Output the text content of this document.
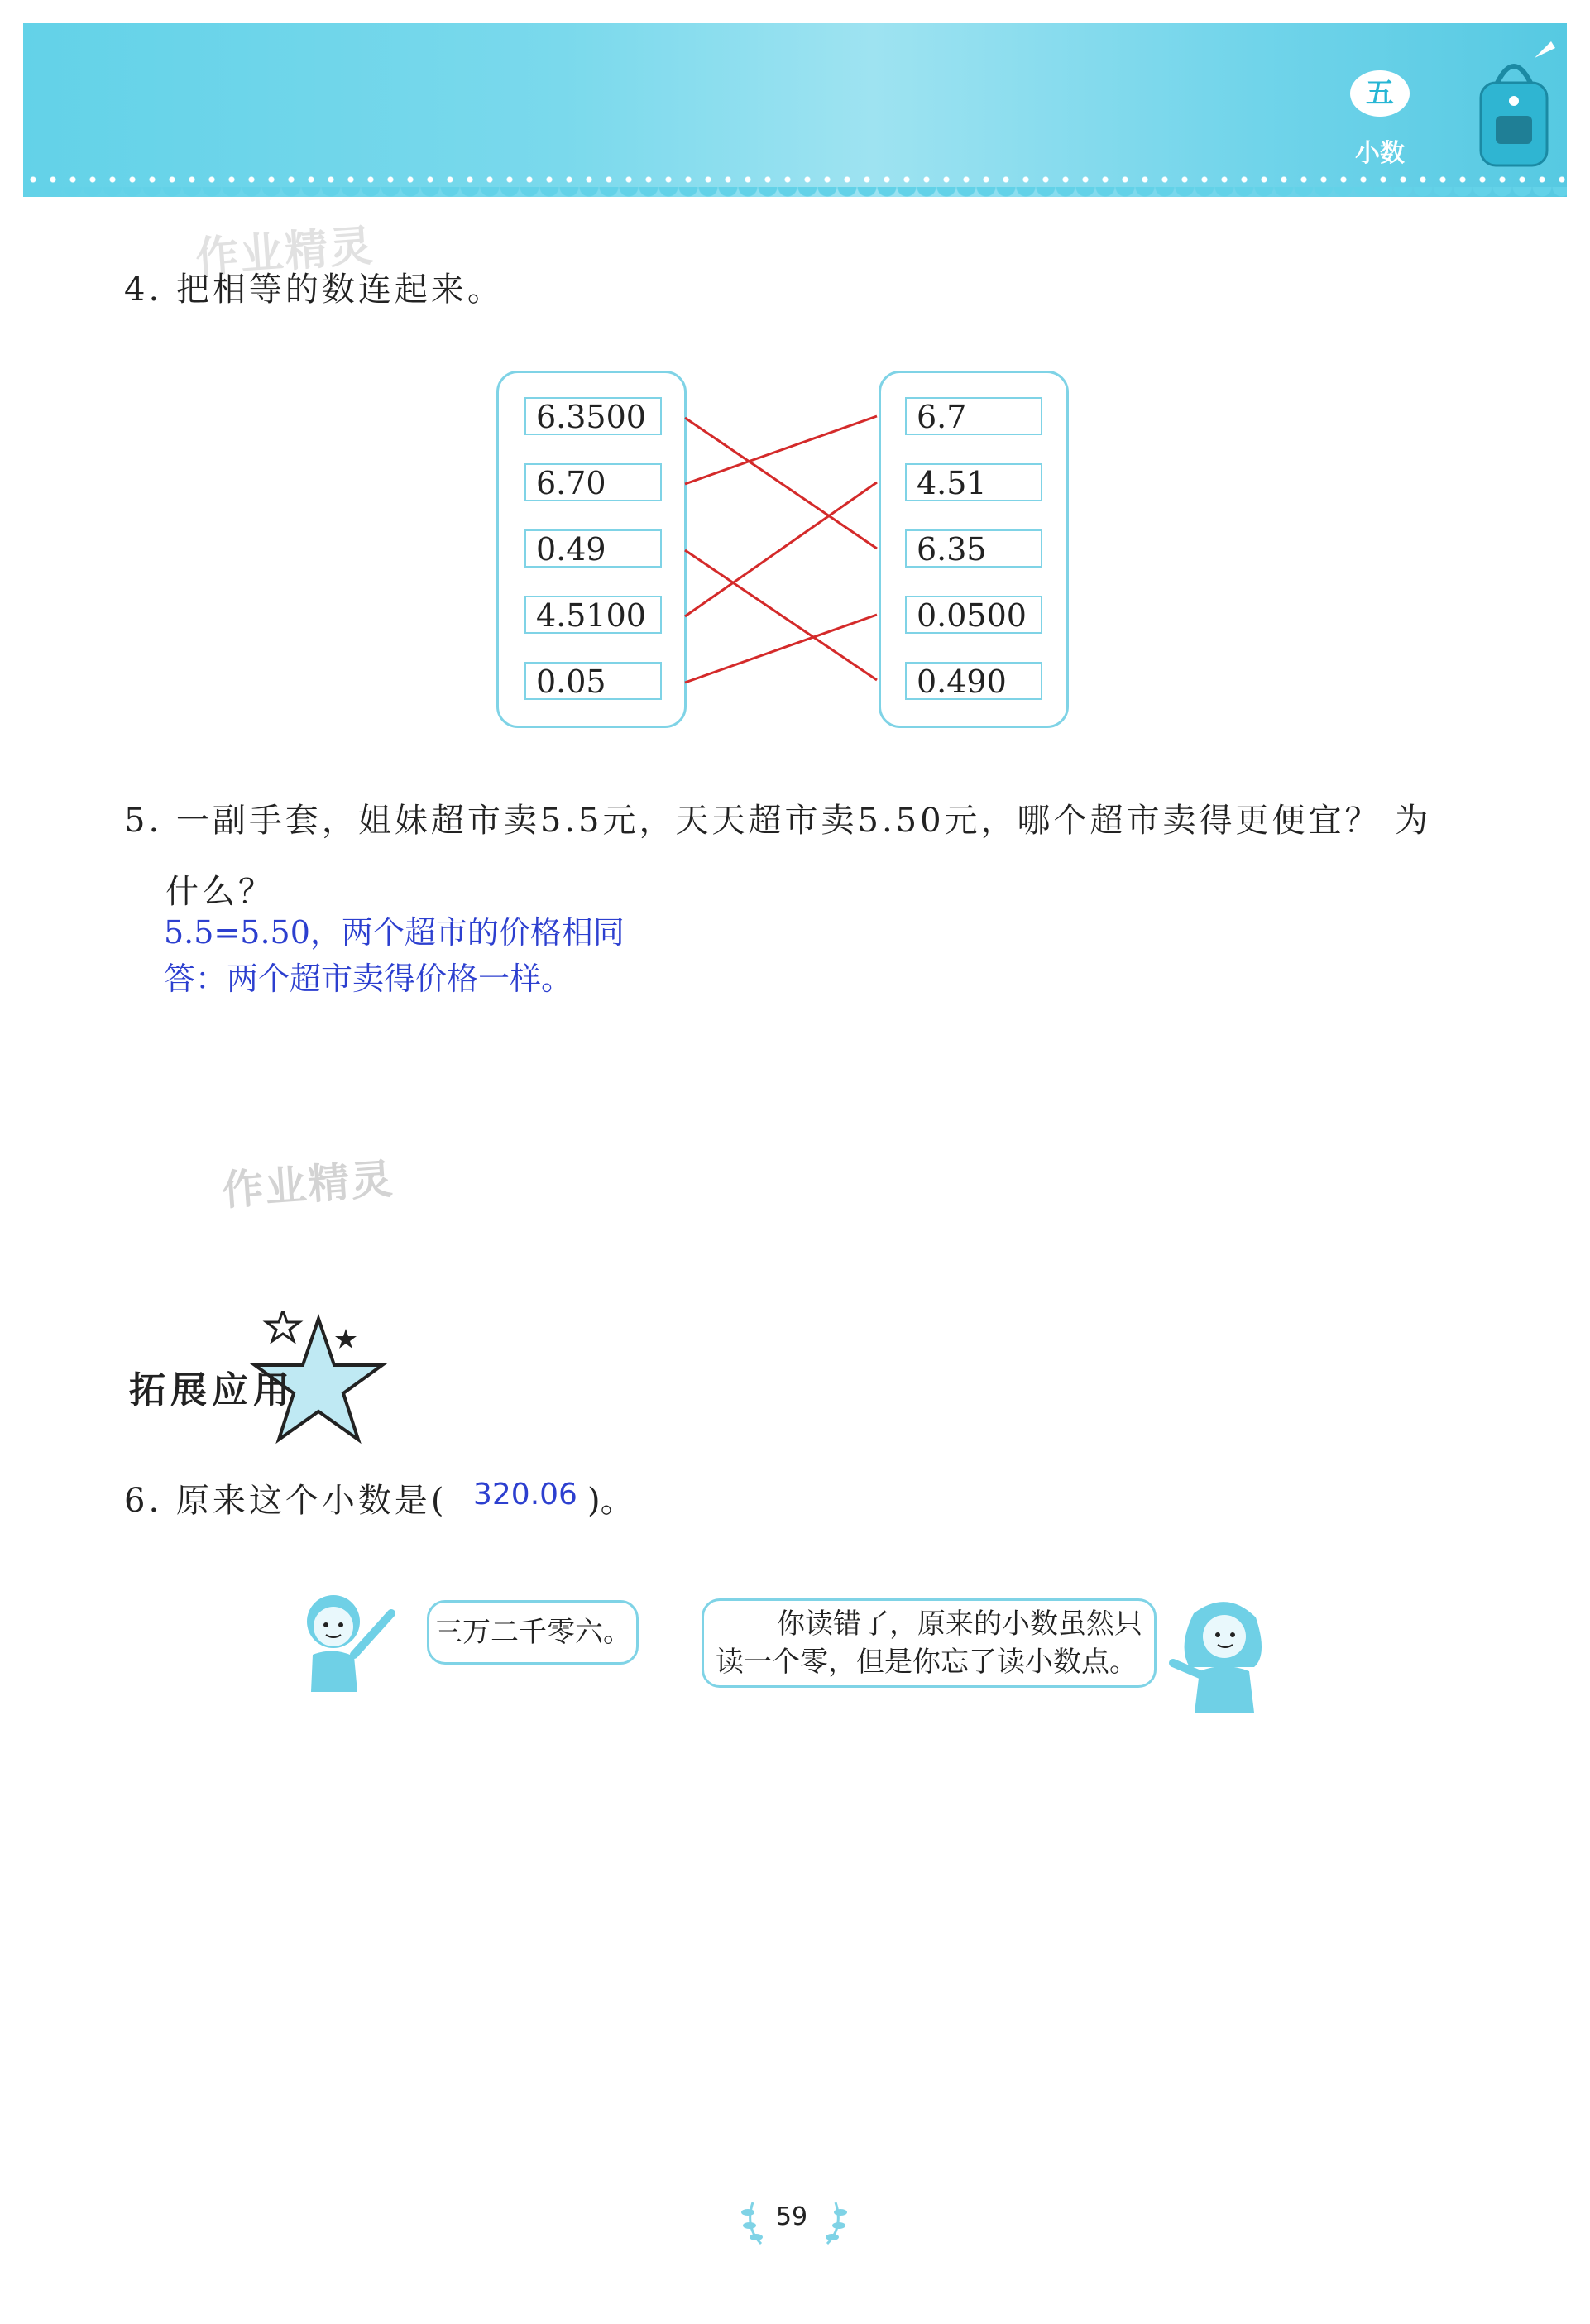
五
小数
作业精灵
4. 把相等的数连起来。
6.3500
6.70
0.49
4.5100
0.05
6.7
4.51
6.35
0.0500
0.490
5. 一副手套，姐妹超市卖5.5元，天天超市卖5.50元，哪个超市卖得更便宜？ 为
什么？
5.5=5.50，两个超市的价格相同
答：两个超市卖得价格一样。
作业精灵
拓展应用
6. 原来这个小数是( 320.06 )。
三万二千零六。	你读错了，原来的小数虽然只
读一个零，但是你忘了读小数点。
59
